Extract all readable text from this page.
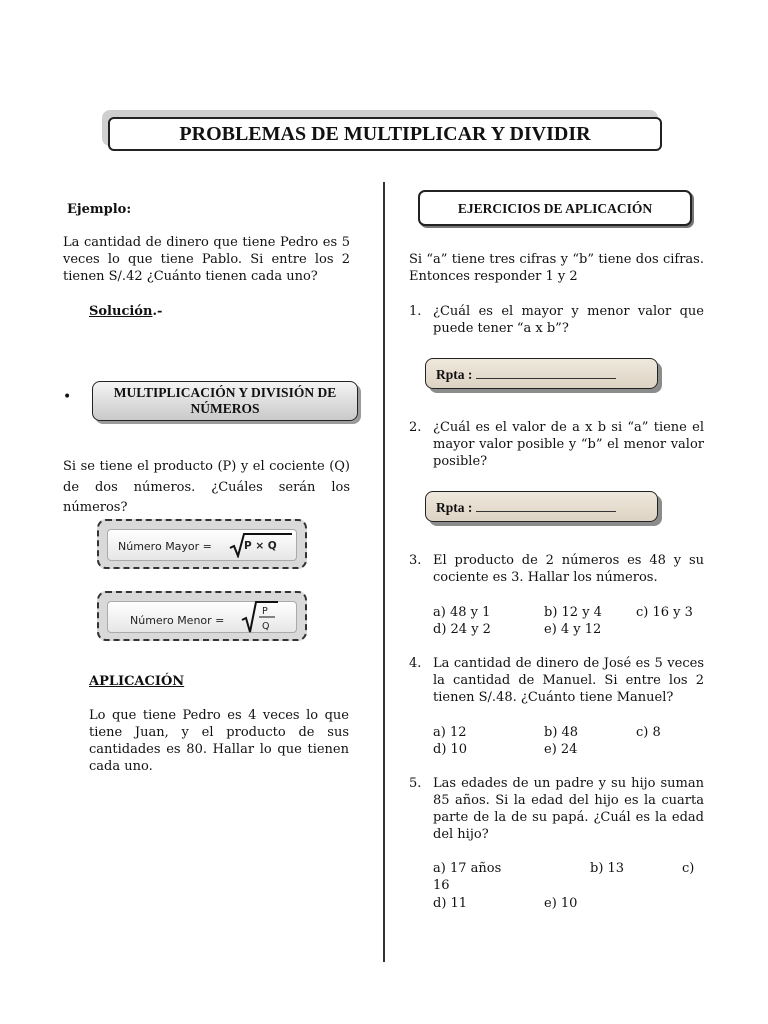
PROBLEMAS DE MULTIPLICAR Y DIVIDIR
Ejemplo:
La cantidad de dinero que tiene Pedro es 5 veces lo que tiene Pablo. Si entre los 2 tienen S/.42 ¿Cuánto tienen cada uno?
Solución.-
•	MULTIPLICACIÓN Y DIVISIÓN DE
NÚMEROS
Si se tiene el producto (P) y el cociente (Q) de dos números. ¿Cuáles serán los números?
Número Mayor =	P × Q
Número Menor =
P
Q
APLICACIÓN
Lo que tiene Pedro es 4 veces lo que tiene Juan, y el producto de sus cantidades es 80. Hallar lo que tienen cada uno.
EJERCICIOS DE APLICACIÓN
Si “a” tiene tres cifras y “b” tiene dos cifras. Entonces responder 1 y 2
1. ¿Cuál es el mayor y menor valor que puede tener “a x b”?
Rpta :
2. ¿Cuál es el valor de a x b si “a” tiene el mayor valor posible y “b” el menor valor posible?
Rpta :
3. El producto de 2 números es 48 y su cociente es 3. Hallar los números.
a) 48 y 1	b) 12 y 4	c) 16 y 3
d) 24 y 2	e) 4 y 12
4. La cantidad de dinero de José es 5 veces la cantidad de Manuel. Si entre los 2 tienen S/.48. ¿Cuánto tiene Manuel?
a) 12	b) 48	c) 8
d) 10	e) 24
5. Las edades de un padre y su hijo suman 85 años. Si la edad del hijo es la cuarta parte de la de su papá. ¿Cuál es la edad del hijo?
a) 17 años	b) 13	c)
16
d) 11	e) 10
